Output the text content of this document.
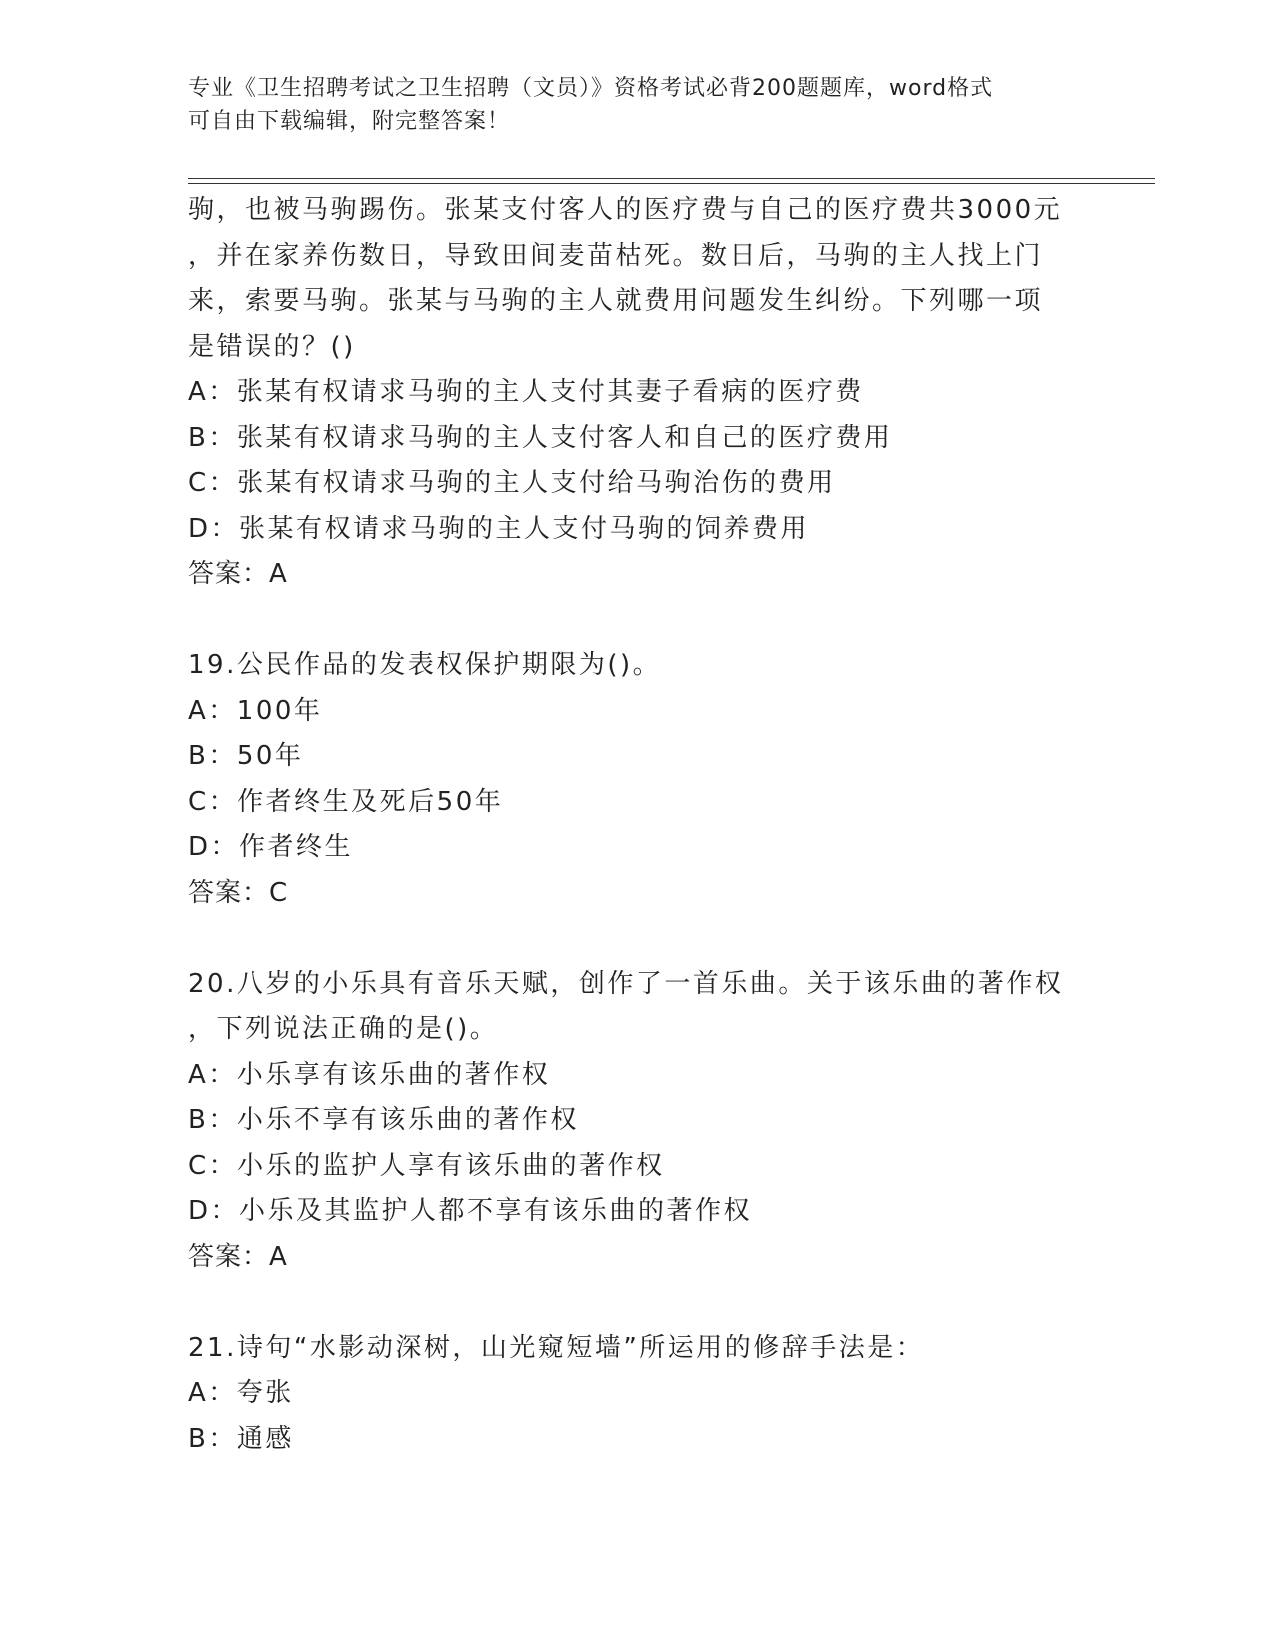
专业《卫生招聘考试之卫生招聘（文员）》资格考试必背200题题库，word格式
可自由下载编辑，附完整答案！
驹，也被马驹踢伤。张某支付客人的医疗费与自己的医疗费共3000元
，并在家养伤数日，导致田间麦苗枯死。数日后，马驹的主人找上门
来，索要马驹。张某与马驹的主人就费用问题发生纠纷。下列哪一项
是错误的？()
A：张某有权请求马驹的主人支付其妻子看病的医疗费
B：张某有权请求马驹的主人支付客人和自己的医疗费用
C：张某有权请求马驹的主人支付给马驹治伤的费用
D：张某有权请求马驹的主人支付马驹的饲养费用
答案：A
19.公民作品的发表权保护期限为()。
A：100年
B：50年
C：作者终生及死后50年
D：作者终生
答案：C
20.八岁的小乐具有音乐天赋，创作了一首乐曲。关于该乐曲的著作权
，下列说法正确的是()。
A：小乐享有该乐曲的著作权
B：小乐不享有该乐曲的著作权
C：小乐的监护人享有该乐曲的著作权
D：小乐及其监护人都不享有该乐曲的著作权
答案：A
21.诗句“水影动深树，山光窥短墙”所运用的修辞手法是：
A：夸张
B：通感
